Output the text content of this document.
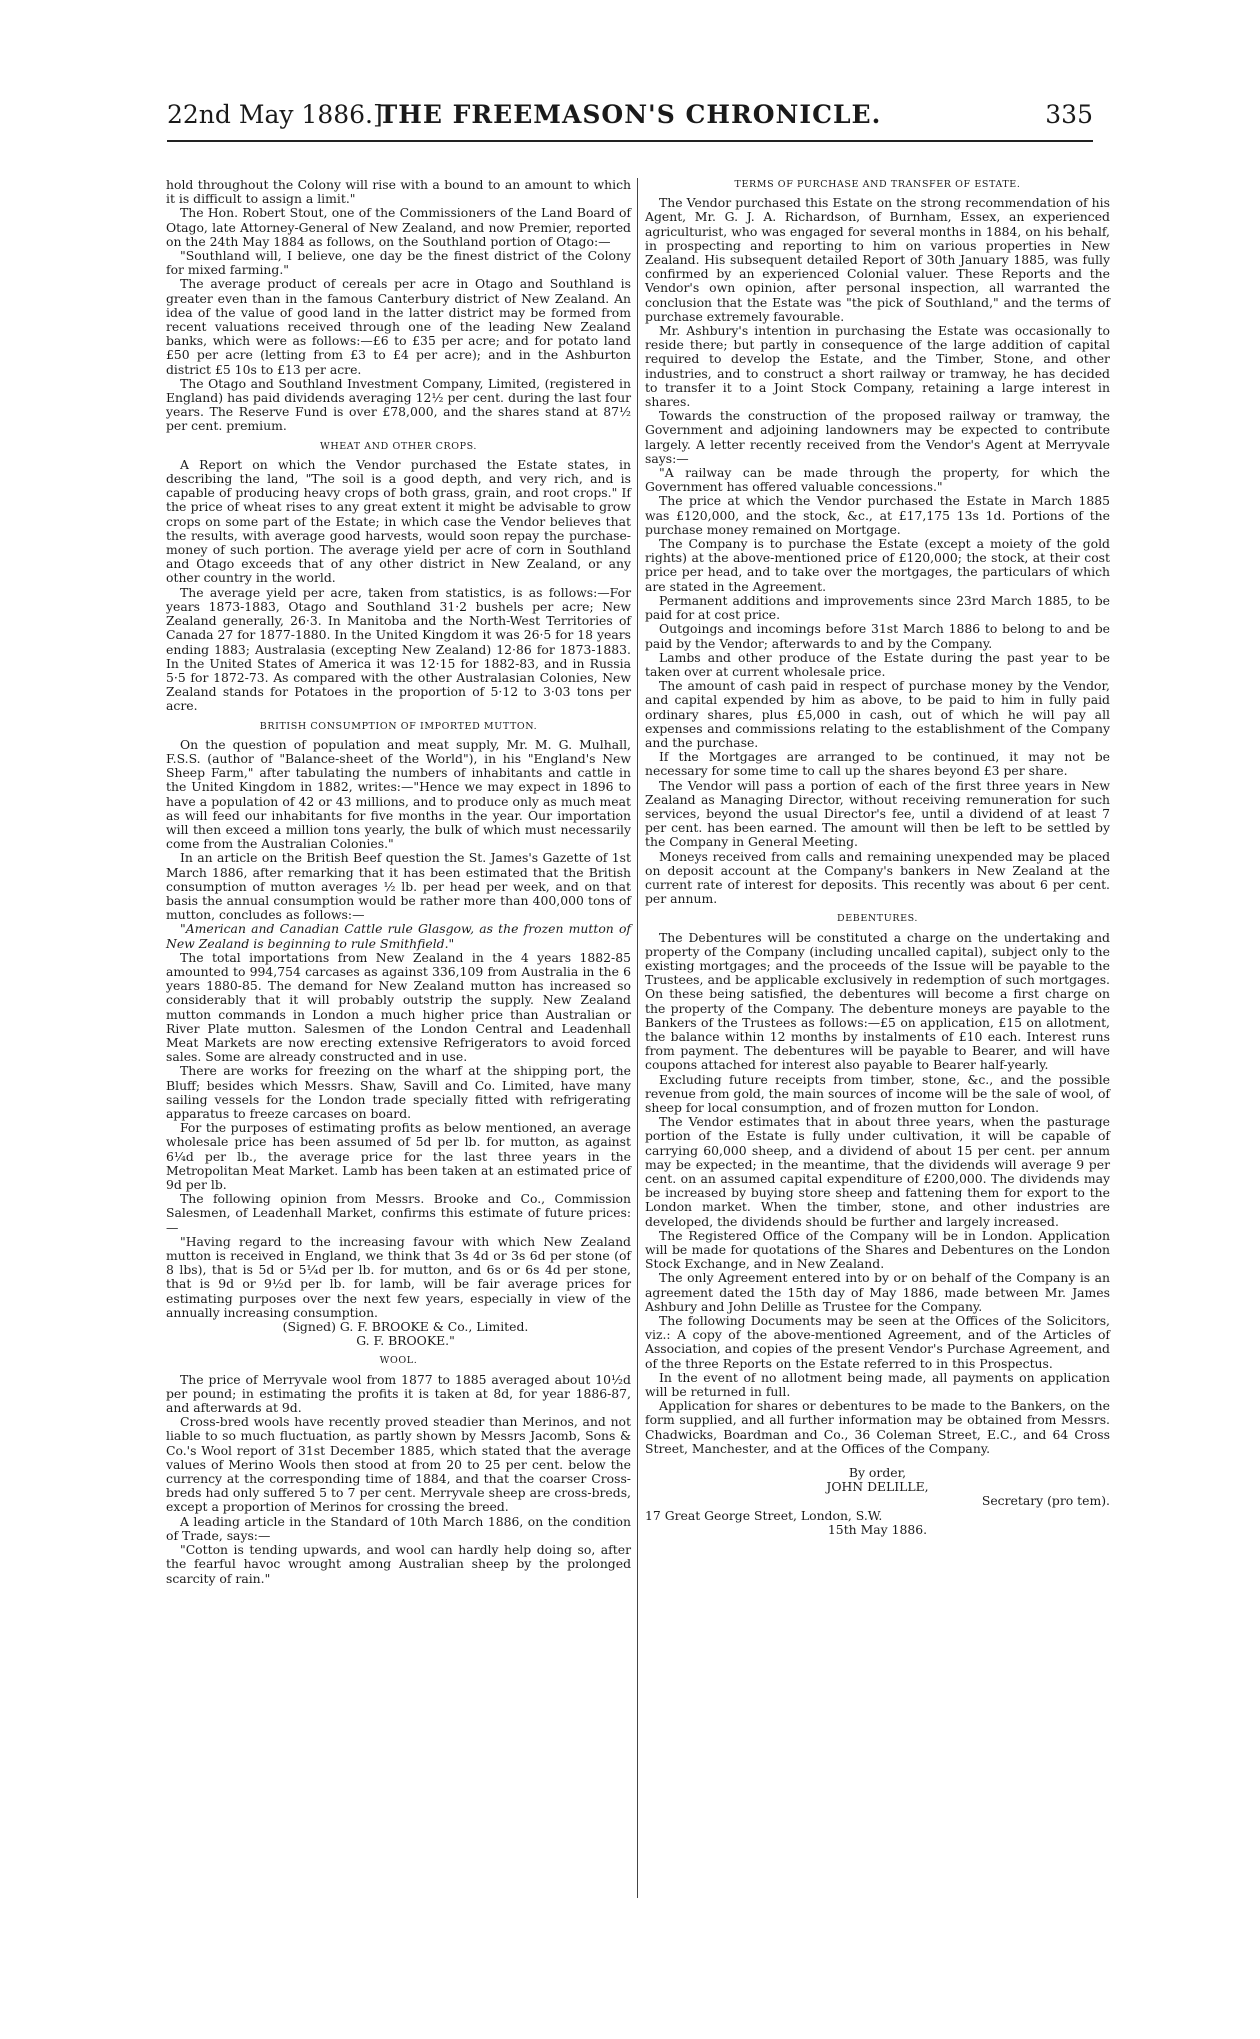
22nd May 1886.]
THE FREEMASON'S CHRONICLE.	335

hold throughout the Colony will rise with a bound to an amount to which it is difficult to assign a limit."

The Hon. Robert Stout, one of the Commissioners of the Land Board of Otago, late Attorney-General of New Zealand, and now Premier, reported on the 24th May 1884 as follows, on the Southland portion of Otago:—

"Southland will, I believe, one day be the finest district of the Colony for mixed farming."

The average product of cereals per acre in Otago and Southland is greater even than in the famous Canterbury district of New Zealand. An idea of the value of good land in the latter district may be formed from recent valuations received through one of the leading New Zealand banks, which were as follows:—£6 to £35 per acre; and for potato land £50 per acre (letting from £3 to £4 per acre); and in the Ashburton district £5 10s to £13 per acre.

The Otago and Southland Investment Company, Limited, (registered in England) has paid dividends averaging 12½ per cent. during the last four years. The Reserve Fund is over £78,000, and the shares stand at 87½ per cent. premium.

WHEAT AND OTHER CROPS.

A Report on which the Vendor purchased the Estate states, in describing the land, "The soil is a good depth, and very rich, and is capable of producing heavy crops of both grass, grain, and root crops." If the price of wheat rises to any great extent it might be advisable to grow crops on some part of the Estate; in which case the Vendor believes that the results, with average good harvests, would soon repay the purchase-money of such portion. The average yield per acre of corn in Southland and Otago exceeds that of any other district in New Zealand, or any other country in the world.

The average yield per acre, taken from statistics, is as follows:—For years 1873-1883, Otago and Southland 31·2 bushels per acre; New Zealand generally, 26·3. In Manitoba and the North-West Territories of Canada 27 for 1877-1880. In the United Kingdom it was 26·5 for 18 years ending 1883; Australasia (excepting New Zealand) 12·86 for 1873-1883. In the United States of America it was 12·15 for 1882-83, and in Russia 5·5 for 1872-73. As compared with the other Australasian Colonies, New Zealand stands for Potatoes in the proportion of 5·12 to 3·03 tons per acre.

BRITISH CONSUMPTION OF IMPORTED MUTTON.

On the question of population and meat supply, Mr. M. G. Mulhall, F.S.S. (author of "Balance-sheet of the World"), in his "England's New Sheep Farm," after tabulating the numbers of inhabitants and cattle in the United Kingdom in 1882, writes:—"Hence we may expect in 1896 to have a population of 42 or 43 millions, and to produce only as much meat as will feed our inhabitants for five months in the year. Our importation will then exceed a million tons yearly, the bulk of which must necessarily come from the Australian Colonies."

In an article on the British Beef question the St. James's Gazette of 1st March 1886, after remarking that it has been estimated that the British consumption of mutton averages ½ lb. per head per week, and on that basis the annual consumption would be rather more than 400,000 tons of mutton, concludes as follows:—

"American and Canadian Cattle rule Glasgow, as the frozen mutton of New Zealand is beginning to rule Smithfield."

The total importations from New Zealand in the 4 years 1882-85 amounted to 994,754 carcases as against 336,109 from Australia in the 6 years 1880-85. The demand for New Zealand mutton has increased so considerably that it will probably outstrip the supply. New Zealand mutton commands in London a much higher price than Australian or River Plate mutton. Salesmen of the London Central and Leadenhall Meat Markets are now erecting extensive Refrigerators to avoid forced sales. Some are already constructed and in use.

There are works for freezing on the wharf at the shipping port, the Bluff; besides which Messrs. Shaw, Savill and Co. Limited, have many sailing vessels for the London trade specially fitted with refrigerating apparatus to freeze carcases on board.

For the purposes of estimating profits as below mentioned, an average wholesale price has been assumed of 5d per lb. for mutton, as against 6¼d per lb., the average price for the last three years in the Metropolitan Meat Market. Lamb has been taken at an estimated price of 9d per lb.

The following opinion from Messrs. Brooke and Co., Commission Salesmen, of Leadenhall Market, confirms this estimate of future prices:—

"Having regard to the increasing favour with which New Zealand mutton is received in England, we think that 3s 4d or 3s 6d per stone (of 8 lbs), that is 5d or 5¼d per lb. for mutton, and 6s or 6s 4d per stone, that is 9d or 9½d per lb. for lamb, will be fair average prices for estimating purposes over the next few years, especially in view of the annually increasing consumption.

(Signed) G. F. BROOKE & Co., Limited.

G. F. BROOKE."

WOOL.

The price of Merryvale wool from 1877 to 1885 averaged about 10½d per pound; in estimating the profits it is taken at 8d, for year 1886-87, and afterwards at 9d.

Cross-bred wools have recently proved steadier than Merinos, and not liable to so much fluctuation, as partly shown by Messrs Jacomb, Sons & Co.'s Wool report of 31st December 1885, which stated that the average values of Merino Wools then stood at from 20 to 25 per cent. below the currency at the corresponding time of 1884, and that the coarser Cross-breds had only suffered 5 to 7 per cent. Merryvale sheep are cross-breds, except a proportion of Merinos for crossing the breed.

A leading article in the Standard of 10th March 1886, on the condition of Trade, says:—

"Cotton is tending upwards, and wool can hardly help doing so, after the fearful havoc wrought among Australian sheep by the prolonged scarcity of rain."

TERMS OF PURCHASE AND TRANSFER OF ESTATE.

The Vendor purchased this Estate on the strong recommendation of his Agent, Mr. G. J. A. Richardson, of Burnham, Essex, an experienced agriculturist, who was engaged for several months in 1884, on his behalf, in prospecting and reporting to him on various properties in New Zealand. His subsequent detailed Report of 30th January 1885, was fully confirmed by an experienced Colonial valuer. These Reports and the Vendor's own opinion, after personal inspection, all warranted the conclusion that the Estate was "the pick of Southland," and the terms of purchase extremely favourable.

Mr. Ashbury's intention in purchasing the Estate was occasionally to reside there; but partly in consequence of the large addition of capital required to develop the Estate, and the Timber, Stone, and other industries, and to construct a short railway or tramway, he has decided to transfer it to a Joint Stock Company, retaining a large interest in shares.

Towards the construction of the proposed railway or tramway, the Government and adjoining landowners may be expected to contribute largely. A letter recently received from the Vendor's Agent at Merryvale says:—

"A railway can be made through the property, for which the Government has offered valuable concessions."

The price at which the Vendor purchased the Estate in March 1885 was £120,000, and the stock, &c., at £17,175 13s 1d. Portions of the purchase money remained on Mortgage.

The Company is to purchase the Estate (except a moiety of the gold rights) at the above-mentioned price of £120,000; the stock, at their cost price per head, and to take over the mortgages, the particulars of which are stated in the Agreement.

Permanent additions and improvements since 23rd March 1885, to be paid for at cost price.

Outgoings and incomings before 31st March 1886 to belong to and be paid by the Vendor; afterwards to and by the Company.

Lambs and other produce of the Estate during the past year to be taken over at current wholesale price.

The amount of cash paid in respect of purchase money by the Vendor, and capital expended by him as above, to be paid to him in fully paid ordinary shares, plus £5,000 in cash, out of which he will pay all expenses and commissions relating to the establishment of the Company and the purchase.

If the Mortgages are arranged to be continued, it may not be necessary for some time to call up the shares beyond £3 per share.

The Vendor will pass a portion of each of the first three years in New Zealand as Managing Director, without receiving remuneration for such services, beyond the usual Director's fee, until a dividend of at least 7 per cent. has been earned. The amount will then be left to be settled by the Company in General Meeting.

Moneys received from calls and remaining unexpended may be placed on deposit account at the Company's bankers in New Zealand at the current rate of interest for deposits. This recently was about 6 per cent. per annum.

DEBENTURES.

The Debentures will be constituted a charge on the undertaking and property of the Company (including uncalled capital), subject only to the existing mortgages; and the proceeds of the Issue will be payable to the Trustees, and be applicable exclusively in redemption of such mortgages. On these being satisfied, the debentures will become a first charge on the property of the Company. The debenture moneys are payable to the Bankers of the Trustees as follows:—£5 on application, £15 on allotment, the balance within 12 months by instalments of £10 each. Interest runs from payment. The debentures will be payable to Bearer, and will have coupons attached for interest also payable to Bearer half-yearly.

Excluding future receipts from timber, stone, &c., and the possible revenue from gold, the main sources of income will be the sale of wool, of sheep for local consumption, and of frozen mutton for London.

The Vendor estimates that in about three years, when the pasturage portion of the Estate is fully under cultivation, it will be capable of carrying 60,000 sheep, and a dividend of about 15 per cent. per annum may be expected; in the meantime, that the dividends will average 9 per cent. on an assumed capital expenditure of £200,000. The dividends may be increased by buying store sheep and fattening them for export to the London market. When the timber, stone, and other industries are developed, the dividends should be further and largely increased.

The Registered Office of the Company will be in London. Application will be made for quotations of the Shares and Debentures on the London Stock Exchange, and in New Zealand.

The only Agreement entered into by or on behalf of the Company is an agreement dated the 15th day of May 1886, made between Mr. James Ashbury and John Delille as Trustee for the Company.

The following Documents may be seen at the Offices of the Solicitors, viz.: A copy of the above-mentioned Agreement, and of the Articles of Association, and copies of the present Vendor's Purchase Agreement, and of the three Reports on the Estate referred to in this Prospectus.

In the event of no allotment being made, all payments on application will be returned in full.

Application for shares or debentures to be made to the Bankers, on the form supplied, and all further information may be obtained from Messrs. Chadwicks, Boardman and Co., 36 Coleman Street, E.C., and 64 Cross Street, Manchester, and at the Offices of the Company.

By order,

JOHN DELILLE,

Secretary (pro tem).

17 Great George Street, London, S.W.

15th May 1886.
